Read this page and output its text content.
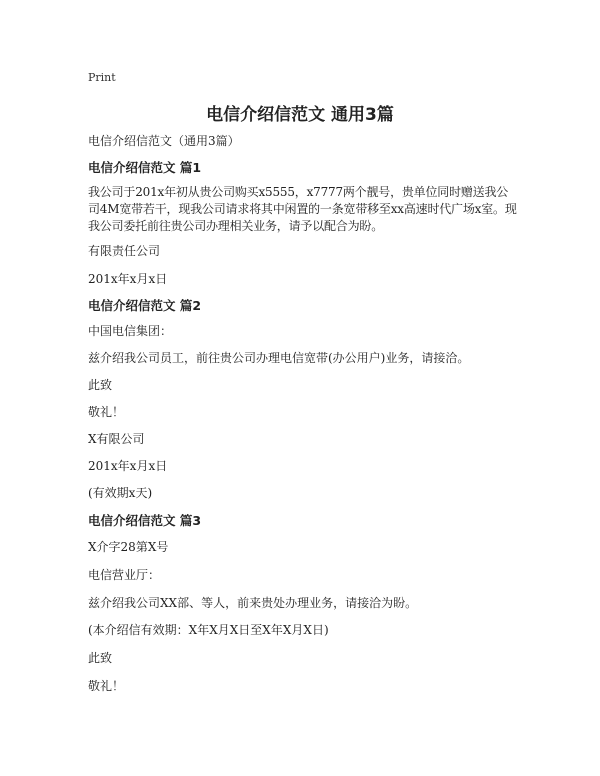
Print
电信介绍信范文 通用3篇
电信介绍信范文（通用3篇）
电信介绍信范文 篇1
我公司于201x年初从贵公司购买x5555，x7777两个靓号，贵单位同时赠送我公司4M宽带若干，现我公司请求将其中闲置的一条宽带移至xx高速时代广场x室。现我公司委托前往贵公司办理相关业务，请予以配合为盼。
有限责任公司
201x年x月x日
电信介绍信范文 篇2
中国电信集团：
兹介绍我公司员工，前往贵公司办理电信宽带(办公用户)业务，请接洽。
此致
敬礼！
X有限公司
201x年x月x日
(有效期x天)
电信介绍信范文 篇3
X介字28第X号
电信营业厅：
兹介绍我公司XX部、等人，前来贵处办理业务，请接洽为盼。
(本介绍信有效期：X年X月X日至X年X月X日)
此致
敬礼！
